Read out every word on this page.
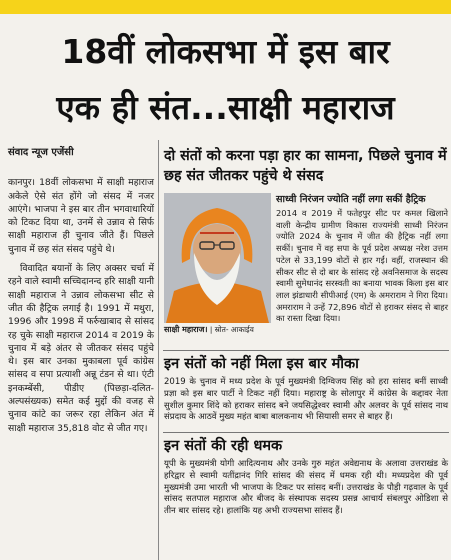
18वीं लोकसभा में इस बार
एक ही संत...साक्षी महाराज
संवाद न्यूज एजेंसी

कानपुर। 18वीं लोकसभा में साक्षी महाराज अकेले ऐसे संत होंगे जो संसद में नजर आएंगे। भाजपा ने इस बार तीन भगवाधारियों को टिकट दिया था, उनमें से उन्नाव से सिर्फ साक्षी महाराज ही चुनाव जीते हैं। पिछले चुनाव में छह संत संसद पहुंचे थे।

विवादित बयानों के लिए अक्सर चर्चा में रहने वाले स्वामी सच्चिदानन्द हरि साक्षी यानी साक्षी महाराज ने उन्नाव लोकसभा सीट से जीत की हैट्रिक लगाई है। 1991 में मथुरा, 1996 और 1998 में फर्रुखाबाद से सांसद रह चुके साक्षी महाराज 2014 व 2019 के चुनाव में बड़े अंतर से जीतकर संसद पहुंचे थे। इस बार उनका मुकाबला पूर्व कांग्रेस सांसद व सपा प्रत्याशी अन्नू टंडन से था। एंटी इनकम्बेंसी, पीडीए (पिछड़ा-दलित-अल्पसंख्यक) समेत कई मुद्दों की वजह से चुनाव कांटे का जरूर रहा लेकिन अंत में साक्षी महाराज 35,818 वोट से जीत गए।

दो संतों को करना पड़ा हार का सामना, पिछले चुनाव में छह संत जीतकर पहुंचे थे संसद
साक्षी महाराज। | स्रोत- आकाईव
साध्वी निरंजन ज्योति नहीं लगा सकीं हैट्रिक
2014 व 2019 में फतेहपुर सीट पर कमल खिलाने वाली केन्द्रीय ग्रामीण विकास राज्यमंत्री साध्वी निरंजन ज्योति 2024 के चुनाव में जीत की हैट्रिक नहीं लगा सकीं। चुनाव में वह सपा के पूर्व प्रदेश अध्यक्ष नरेश उत्तम पटेल से 33,199 वोटों से हार गईं। वहीं, राजस्थान की सीकर सीट से दो बार के सांसद रहे अवनिसमाज के सदस्य स्वामी सुमेधानंद सरस्वती का बनाया भावक किला इस बार लाल झंडाधारी सीपीआई (एम) के अमराराम ने गिरा दिया। अमराराम ने उन्हें 72,896 वोटों से हराकर संसद से बाहर का रास्ता दिखा दिया।
इन संतों को नहीं मिला इस बार मौका
2019 के चुनाव में मध्य प्रदेश के पूर्व मुख्यमंत्री दिग्विजय सिंह को हरा सांसद बनीं साध्वी प्रज्ञा को इस बार पार्टी ने टिकट नहीं दिया। महाराष्ट्र के सोलापुर में कांग्रेस के कद्दावर नेता सुशील कुमार शिंदे को हराकर सांसद बने जयसिद्धेश्वर स्वामी और अलवर के पूर्व सांसद नाथ संप्रदाय के आठवें मुख्य महंत बाबा बालकनाथ भी सियासी समर से बाहर हैं।
इन संतों की रही धमक
यूपी के मुख्यमंत्री योगी आदित्यनाथ और उनके गुरु महंत अवेद्यनाथ के अलावा उत्तराखंड के हरिद्वार से स्वामी यतींद्रानंद गिरि सांसद की संसद में धमक रही थी। मध्यप्रदेश की पूर्व मुख्यमंत्री उमा भारती भी भाजपा के टिकट पर सांसद बनीं। उत्तराखंड के पौड़ी गढ़वाल के पूर्व सांसद सतपाल महाराज और बीजद के संस्थापक सदस्य प्रसन्न आचार्य संबलपुर ओडिशा से तीन बार सांसद रहे। हालांकि यह अभी राज्यसभा सांसद हैं।
